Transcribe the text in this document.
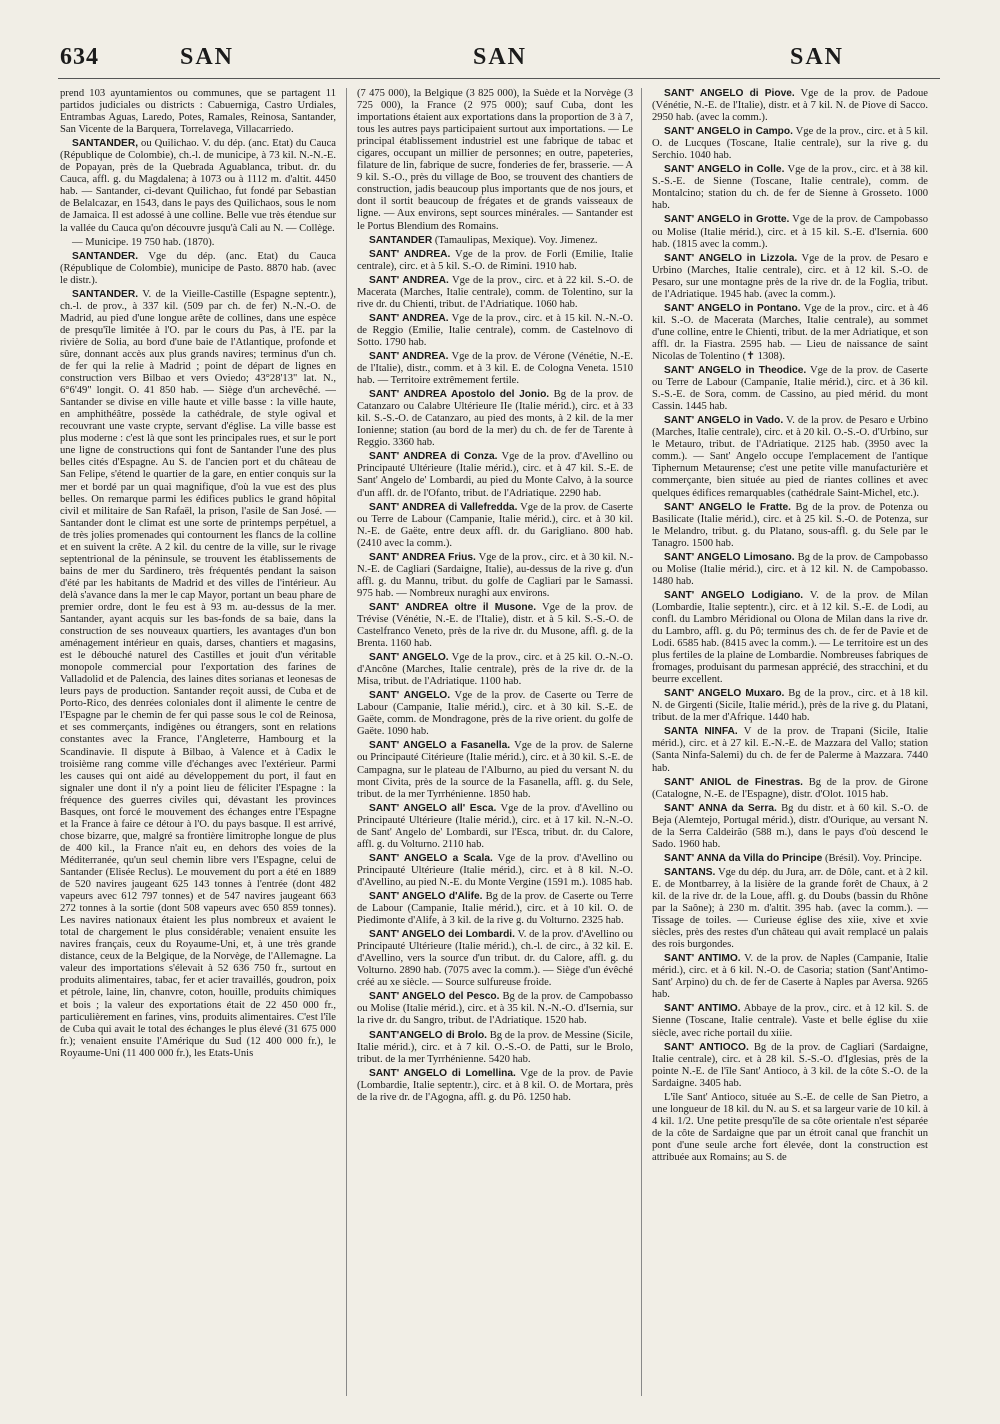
634	SAN	SAN	SAN

prend 103 ayuntamientos ou communes, que se partagent 11 partidos judiciales ou districts : Cabuerniga, Castro Urdiales, Entrambas Aguas, Laredo, Potes, Ramales, Reinosa, Santander, San Vicente de la Barquera, Torrelavega, Villacarriedo.

SANTANDER, ou Quilichao. V. du dép. (anc. Etat) du Cauca (République de Colombie), ch.-l. de municipe, à 73 kil. N.-N.-E. de Popayan, près de la Quebrada Aguablanca, tribut. dr. du Cauca, affl. g. du Magdalena; à 1073 ou à 1112 m. d'altit. 4450 hab. — Santander, ci-devant Quilichao, fut fondé par Sebastian de Belalcazar, en 1543, dans le pays des Quilichaos, sous le nom de Jamaica. Il est adossé à une colline. Belle vue très étendue sur la vallée du Cauca qu'on découvre jusqu'à Cali au N. — Collège.

— Municipe. 19 750 hab. (1870).

SANTANDER. Vge du dép. (anc. Etat) du Cauca (République de Colombie), municipe de Pasto. 8870 hab. (avec le distr.).

SANTANDER. V. de la Vieille-Castille (Espagne septentr.), ch.-l. de prov., à 337 kil. (509 par ch. de fer) N.-N.-O. de Madrid, au pied d'une longue arête de collines, dans une espèce de presqu'île limitée à l'O. par le cours du Pas, à l'E. par la rivière de Solia, au bord d'une baie de l'Atlantique, profonde et sûre, donnant accès aux plus grands navires; terminus d'un ch. de fer qui la relie à Madrid ; point de départ de lignes en construction vers Bilbao et vers Oviedo; 43°28'13" lat. N., 6°6'49" longit. O. 41 850 hab. — Siège d'un archevêché. — Santander se divise en ville haute et ville basse : la ville haute, en amphithéâtre, possède la cathédrale, de style ogival et recouvrant une vaste crypte, servant d'église. La ville basse est plus moderne : c'est là que sont les principales rues, et sur le port une ligne de constructions qui font de Santander l'une des plus belles cités d'Espagne. Au S. de l'ancien port et du château de San Felipe, s'étend le quartier de la gare, en entier conquis sur la mer et bordé par un quai magnifique, d'où la vue est des plus belles. On remarque parmi les édifices publics le grand hôpital civil et militaire de San Rafaël, la prison, l'asile de San José. — Santander dont le climat est une sorte de printemps perpétuel, a de très jolies promenades qui contournent les flancs de la colline et en suivent la crête. A 2 kil. du centre de la ville, sur le rivage septentrional de la péninsule, se trouvent les établissements de bains de mer du Sardinero, très fréquentés pendant la saison d'été par les habitants de Madrid et des villes de l'intérieur. Au delà s'avance dans la mer le cap Mayor, portant un beau phare de premier ordre, dont le feu est à 93 m. au-dessus de la mer. Santander, ayant acquis sur les bas-fonds de sa baie, dans la construction de ses nouveaux quartiers, les avantages d'un bon aménagement intérieur en quais, darses, chantiers et magasins, est le débouché naturel des Castilles et jouit d'un véritable monopole commercial pour l'exportation des farines de Valladolid et de Palencia, des laines dites sorianas et leonesas de leurs pays de production. Santander reçoit aussi, de Cuba et de Porto-Rico, des denrées coloniales dont il alimente le centre de l'Espagne par le chemin de fer qui passe sous le col de Reinosa, et ses commerçants, indigènes ou étrangers, sont en relations constantes avec la France, l'Angleterre, Hambourg et la Scandinavie. Il dispute à Bilbao, à Valence et à Cadix le troisième rang comme ville d'échanges avec l'extérieur. Parmi les causes qui ont aidé au développement du port, il faut en signaler une dont il n'y a point lieu de féliciter l'Espagne : la fréquence des guerres civiles qui, dévastant les provinces Basques, ont forcé le mouvement des échanges entre l'Espagne et la France à faire ce détour à l'O. du pays basque. Il est arrivé, chose bizarre, que, malgré sa frontière limitrophe longue de plus de 400 kil., la France n'ait eu, en dehors des voies de la Méditerranée, qu'un seul chemin libre vers l'Espagne, celui de Santander (Elisée Reclus). Le mouvement du port a été en 1889 de 520 navires jaugeant 625 143 tonnes à l'entrée (dont 482 vapeurs avec 612 797 tonnes) et de 547 navires jaugeant 663 272 tonnes à la sortie (dont 508 vapeurs avec 650 859 tonnes). Les navires nationaux étaient les plus nombreux et avaient le total de chargement le plus considérable; venaient ensuite les navires français, ceux du Royaume-Uni, et, à une très grande distance, ceux de la Belgique, de la Norvège, de l'Allemagne. La valeur des importations s'élevait à 52 636 750 fr., surtout en produits alimentaires, tabac, fer et acier travaillés, goudron, poix et pétrole, laine, lin, chanvre, coton, houille, produits chimiques et bois ; la valeur des exportations était de 22 450 000 fr., particulièrement en farines, vins, produits alimentaires. C'est l'île de Cuba qui avait le total des échanges le plus élevé (31 675 000 fr.); venaient ensuite l'Amérique du Sud (12 400 000 fr.), le Royaume-Uni (11 400 000 fr.), les Etats-Unis

(7 475 000), la Belgique (3 825 000), la Suède et la Norvège (3 725 000), la France (2 975 000); sauf Cuba, dont les importations étaient aux exportations dans la proportion de 3 à 7, tous les autres pays participaient surtout aux importations. — Le principal établissement industriel est une fabrique de tabac et cigares, occupant un millier de personnes; en outre, papeteries, filature de lin, fabrique de sucre, fonderies de fer, brasserie. — A 9 kil. S.-O., près du village de Boo, se trouvent des chantiers de construction, jadis beaucoup plus importants que de nos jours, et dont il sortit beaucoup de frégates et de grands vaisseaux de ligne. — Aux environs, sept sources minérales. — Santander est le Portus Blendium des Romains.

SANTANDER (Tamaulipas, Mexique). Voy. Jimenez.

SANT' ANDREA. Vge de la prov. de Forli (Emilie, Italie centrale), circ. et à 5 kil. S.-O. de Rimini. 1910 hab.

SANT' ANDREA. Vge de la prov., circ. et à 22 kil. S.-O. de Macerata (Marches, Italie centrale), comm. de Tolentino, sur la rive dr. du Chienti, tribut. de l'Adriatique. 1060 hab.

SANT' ANDREA. Vge de la prov., circ. et à 15 kil. N.-N.-O. de Reggio (Emilie, Italie centrale), comm. de Castelnovo di Sotto. 1790 hab.

SANT' ANDREA. Vge de la prov. de Vérone (Vénétie, N.-E. de l'Italie), distr., comm. et à 3 kil. E. de Cologna Veneta. 1510 hab. — Territoire extrêmement fertile.

SANT' ANDREA Apostolo del Jonio. Bg de la prov. de Catanzaro ou Calabre Ultérieure IIe (Italie mérid.), circ. et à 33 kil. S.-S.-O. de Catanzaro, au pied des monts, à 2 kil. de la mer Ionienne; station (au bord de la mer) du ch. de fer de Tarente à Reggio. 3360 hab.

SANT' ANDREA di Conza. Vge de la prov. d'Avellino ou Principauté Ultérieure (Italie mérid.), circ. et à 47 kil. S.-E. de Sant' Angelo de' Lombardi, au pied du Monte Calvo, à la source d'un affl. dr. de l'Ofanto, tribut. de l'Adriatique. 2290 hab.

SANT' ANDREA di Vallefredda. Vge de la prov. de Caserte ou Terre de Labour (Campanie, Italie mérid.), circ. et à 30 kil. N.-E. de Gaëte, entre deux affl. dr. du Garigliano. 800 hab. (2410 avec la comm.).

SANT' ANDREA Frius. Vge de la prov., circ. et à 30 kil. N.-N.-E. de Cagliari (Sardaigne, Italie), au-dessus de la rive g. d'un affl. g. du Mannu, tribut. du golfe de Cagliari par le Samassi. 975 hab. — Nombreux nuraghi aux environs.

SANT' ANDREA oltre il Musone. Vge de la prov. de Trévise (Vénétie, N.-E. de l'Italie), distr. et à 5 kil. S.-S.-O. de Castelfranco Veneto, près de la rive dr. du Musone, affl. g. de la Brenta. 1160 hab.

SANT' ANGELO. Vge de la prov., circ. et à 25 kil. O.-N.-O. d'Ancône (Marches, Italie centrale), près de la rive dr. de la Misa, tribut. de l'Adriatique. 1100 hab.

SANT' ANGELO. Vge de la prov. de Caserte ou Terre de Labour (Campanie, Italie mérid.), circ. et à 30 kil. S.-E. de Gaëte, comm. de Mondragone, près de la rive orient. du golfe de Gaëte. 1090 hab.

SANT' ANGELO a Fasanella. Vge de la prov. de Salerne ou Principauté Citérieure (Italie mérid.), circ. et à 30 kil. S.-E. de Campagna, sur le plateau de l'Alburno, au pied du versant N. du mont Civita, près de la source de la Fasanella, affl. g. du Sele, tribut. de la mer Tyrrhénienne. 1850 hab.

SANT' ANGELO all' Esca. Vge de la prov. d'Avellino ou Principauté Ultérieure (Italie mérid.), circ. et à 17 kil. N.-N.-O. de Sant' Angelo de' Lombardi, sur l'Esca, tribut. dr. du Calore, affl. g. du Volturno. 2110 hab.

SANT' ANGELO a Scala. Vge de la prov. d'Avellino ou Principauté Ultérieure (Italie mérid.), circ. et à 8 kil. N.-O. d'Avellino, au pied N.-E. du Monte Vergine (1591 m.). 1085 hab.

SANT' ANGELO d'Alife. Bg de la prov. de Caserte ou Terre de Labour (Campanie, Italie mérid.), circ. et à 10 kil. O. de Piedimonte d'Alife, à 3 kil. de la rive g. du Volturno. 2325 hab.

SANT' ANGELO dei Lombardi. V. de la prov. d'Avellino ou Principauté Ultérieure (Italie mérid.), ch.-l. de circ., à 32 kil. E. d'Avellino, vers la source d'un tribut. dr. du Calore, affl. g. du Volturno. 2890 hab. (7075 avec la comm.). — Siège d'un évêché créé au xe siècle. — Source sulfureuse froide.

SANT' ANGELO del Pesco. Bg de la prov. de Campobasso ou Molise (Italie mérid.), circ. et à 35 kil. N.-N.-O. d'Isernia, sur la rive dr. du Sangro, tribut. de l'Adriatique. 1520 hab.

SANT'ANGELO di Brolo. Bg de la prov. de Messine (Sicile, Italie mérid.), circ. et à 7 kil. O.-S.-O. de Patti, sur le Brolo, tribut. de la mer Tyrrhénienne. 5420 hab.

SANT' ANGELO di Lomellina. Vge de la prov. de Pavie (Lombardie, Italie septentr.), circ. et à 8 kil. O. de Mortara, près de la rive dr. de l'Agogna, affl. g. du Pô. 1250 hab.

SANT' ANGELO di Piove. Vge de la prov. de Padoue (Vénétie, N.-E. de l'Italie), distr. et à 7 kil. N. de Piove di Sacco. 2950 hab. (avec la comm.).

SANT' ANGELO in Campo. Vge de la prov., circ. et à 5 kil. O. de Lucques (Toscane, Italie centrale), sur la rive g. du Serchio. 1040 hab.

SANT' ANGELO in Colle. Vge de la prov., circ. et à 38 kil. S.-S.-E. de Sienne (Toscane, Italie centrale), comm. de Montalcino; station du ch. de fer de Sienne à Grosseto. 1000 hab.

SANT' ANGELO in Grotte. Vge de la prov. de Campobasso ou Molise (Italie mérid.), circ. et à 15 kil. S.-E. d'Isernia. 600 hab. (1815 avec la comm.).

SANT' ANGELO in Lizzola. Vge de la prov. de Pesaro e Urbino (Marches, Italie centrale), circ. et à 12 kil. S.-O. de Pesaro, sur une montagne près de la rive dr. de la Foglia, tribut. de l'Adriatique. 1945 hab. (avec la comm.).

SANT' ANGELO in Pontano. Vge de la prov., circ. et à 46 kil. S.-O. de Macerata (Marches, Italie centrale), au sommet d'une colline, entre le Chienti, tribut. de la mer Adriatique, et son affl. dr. la Fiastra. 2595 hab. — Lieu de naissance de saint Nicolas de Tolentino (✝ 1308).

SANT' ANGELO in Theodice. Vge de la prov. de Caserte ou Terre de Labour (Campanie, Italie mérid.), circ. et à 36 kil. S.-S.-E. de Sora, comm. de Cassino, au pied mérid. du mont Cassin. 1445 hab.

SANT' ANGELO in Vado. V. de la prov. de Pesaro e Urbino (Marches, Italie centrale), circ. et à 20 kil. O.-S.-O. d'Urbino, sur le Metauro, tribut. de l'Adriatique. 2125 hab. (3950 avec la comm.). — Sant' Angelo occupe l'emplacement de l'antique Tiphernum Metaurense; c'est une petite ville manufacturière et commerçante, bien située au pied de riantes collines et avec quelques édifices remarquables (cathédrale Saint-Michel, etc.).

SANT' ANGELO le Fratte. Bg de la prov. de Potenza ou Basilicate (Italie mérid.), circ. et à 25 kil. S.-O. de Potenza, sur le Melandro, tribut. g. du Platano, sous-affl. g. du Sele par le Tanagro. 1500 hab.

SANT' ANGELO Limosano. Bg de la prov. de Campobasso ou Molise (Italie mérid.), circ. et à 12 kil. N. de Campobasso. 1480 hab.

SANT' ANGELO Lodigiano. V. de la prov. de Milan (Lombardie, Italie septentr.), circ. et à 12 kil. S.-E. de Lodi, au confl. du Lambro Méridional ou Olona de Milan dans la rive dr. du Lambro, affl. g. du Pô; terminus des ch. de fer de Pavie et de Lodi. 6585 hab. (8415 avec la comm.). — Le territoire est un des plus fertiles de la plaine de Lombardie. Nombreuses fabriques de fromages, produisant du parmesan apprécié, des stracchini, et du beurre excellent.

SANT' ANGELO Muxaro. Bg de la prov., circ. et à 18 kil. N. de Girgenti (Sicile, Italie mérid.), près de la rive g. du Platani, tribut. de la mer d'Afrique. 1440 hab.

SANTA NINFA. V de la prov. de Trapani (Sicile, Italie mérid.), circ. et à 27 kil. E.-N.-E. de Mazzara del Vallo; station (Santa Ninfa-Salemi) du ch. de fer de Palerme à Mazzara. 7440 hab.

SANT' ANIOL de Finestras. Bg de la prov. de Girone (Catalogne, N.-E. de l'Espagne), distr. d'Olot. 1015 hab.

SANT' ANNA da Serra. Bg du distr. et à 60 kil. S.-O. de Beja (Alemtejo, Portugal mérid.), distr. d'Ourique, au versant N. de la Serra Caldeirão (588 m.), dans le pays d'où descend le Sado. 1960 hab.

SANT' ANNA da Villa do Principe (Brésil). Voy. Principe.

SANTANS. Vge du dép. du Jura, arr. de Dôle, cant. et à 2 kil. E. de Montbarrey, à la lisière de la grande forêt de Chaux, à 2 kil. de la rive dr. de la Loue, affl. g. du Doubs (bassin du Rhône par la Saône); à 230 m. d'altit. 395 hab. (avec la comm.). — Tissage de toiles. — Curieuse église des xiie, xive et xvie siècles, près des restes d'un château qui avait remplacé un palais des rois burgondes.

SANT' ANTIMO. V. de la prov. de Naples (Campanie, Italie mérid.), circ. et à 6 kil. N.-O. de Casoria; station (Sant'Antimo-Sant' Arpino) du ch. de fer de Caserte à Naples par Aversa. 9265 hab.

SANT' ANTIMO. Abbaye de la prov., circ. et à 12 kil. S. de Sienne (Toscane, Italie centrale). Vaste et belle église du xiie siècle, avec riche portail du xiiie.

SANT' ANTIOCO. Bg de la prov. de Cagliari (Sardaigne, Italie centrale), circ. et à 28 kil. S.-S.-O. d'Iglesias, près de la pointe N.-E. de l'île Sant' Antioco, à 3 kil. de la côte S.-O. de la Sardaigne. 3405 hab.

L'île Sant' Antioco, située au S.-E. de celle de San Pietro, a une longueur de 18 kil. du N. au S. et sa largeur varie de 10 kil. à 4 kil. 1/2. Une petite presqu'île de sa côte orientale n'est séparée de la côte de Sardaigne que par un étroit canal que franchit un pont d'une seule arche fort élevée, dont la construction est attribuée aux Romains; au S. de
